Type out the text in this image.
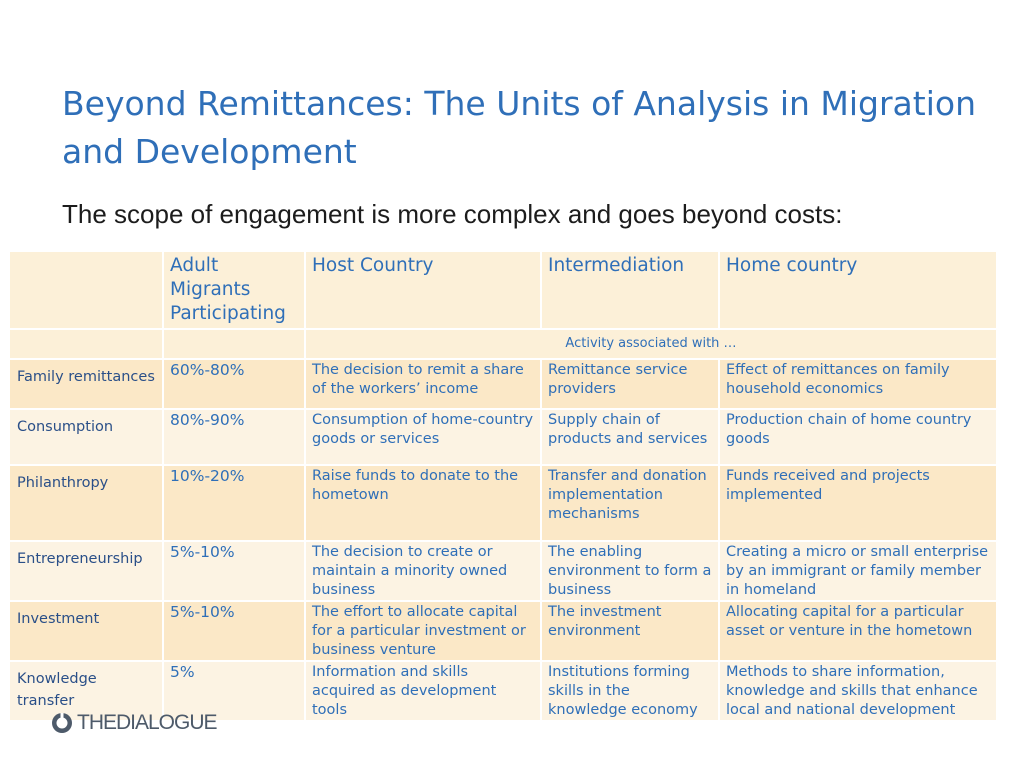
Beyond Remittances: The Units of Analysis in Migration and Development
The scope of engagement is more complex and goes beyond costs:
	Adult Migrants Participating	Host Country	Intermediation	Home country
		Activity associated with …		
Family remittances	60%-80%	The decision to remit a share of the workers’ income	Remittance service providers	Effect of remittances on family household economics
Consumption	80%-90%	Consumption of home-country goods or services	Supply chain of products and services	Production chain of home country goods
Philanthropy	10%-20%	Raise funds to donate to the hometown	Transfer and donation implementation mechanisms	Funds received and projects implemented
Entrepreneurship	5%-10%	The decision to create or maintain a minority owned business	The enabling environment to form a business	Creating a micro or small enterprise by an immigrant or family member in homeland
Investment	5%-10%	The effort to allocate capital for a particular investment or business venture	The investment environment	Allocating capital for a particular asset or venture in the hometown
Knowledge transfer	5%	Information and skills acquired as development tools	Institutions forming skills in the knowledge economy	Methods to share information, knowledge and skills that enhance local and national development
THEDIALOGUE
